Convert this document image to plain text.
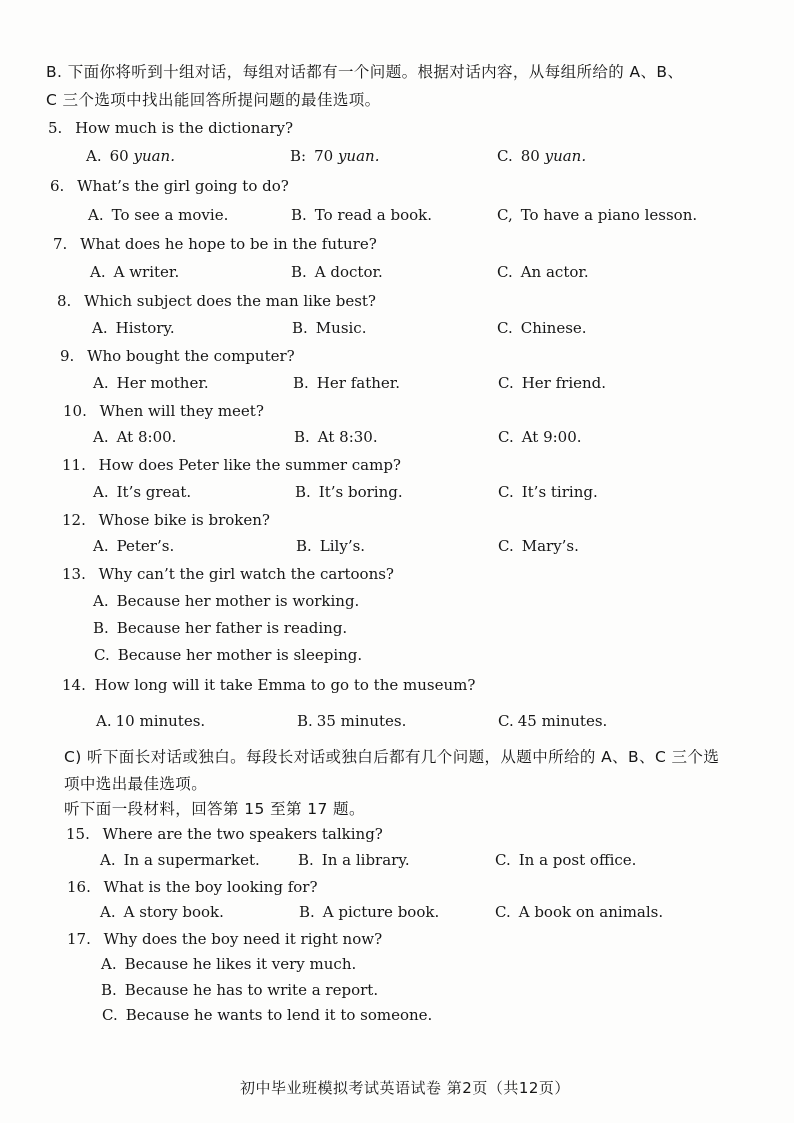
B. 下面你将听到十组对话，每组对话都有一个问题。根据对话内容，从每组所给的 A、B、
C 三个选项中找出能回答所提问题的最佳选项。
5. How much is the dictionary?
A. 60 yuan.	B: 70 yuan.	C. 80 yuan.
6. What’s the girl going to do?
A. To see a movie.	B. To read a book.	C, To have a piano lesson.
7. What does he hope to be in the future?
A. A writer.	B. A doctor.	C. An actor.
8. Which subject does the man like best?
A. History.	B. Music.	C. Chinese.
9. Who bought the computer?
A. Her mother.	B. Her father.	C. Her friend.
10. When will they meet?
A. At 8:00.	B. At 8:30.	C. At 9:00.
11. How does Peter like the summer camp?
A. It’s great.	B. It’s boring.	C. It’s tiring.
12. Whose bike is broken?
A. Peter’s.	B. Lily’s.	C. Mary’s.
13. Why can’t the girl watch the cartoons?
A. Because her mother is working.
B. Because her father is reading.
C. Because her mother is sleeping.
14. How long will it take Emma to go to the museum?
A. 10 minutes.	B. 35 minutes.	C. 45 minutes.
C) 听下面长对话或独白。每段长对话或独白后都有几个问题，从题中所给的 A、B、C 三个选
项中选出最佳选项。
听下面一段材料，回答第 15 至第 17 题。
15. Where are the two speakers talking?
A. In a supermarket.	B. In a library.	C. In a post office.
16. What is the boy looking for?
A. A story book.	B. A picture book.	C. A book on animals.
17. Why does the boy need it right now?
A. Because he likes it very much.
B. Because he has to write a report.
C. Because he wants to lend it to someone.
初中毕业班模拟考试英语试卷 第2页（共12页）
